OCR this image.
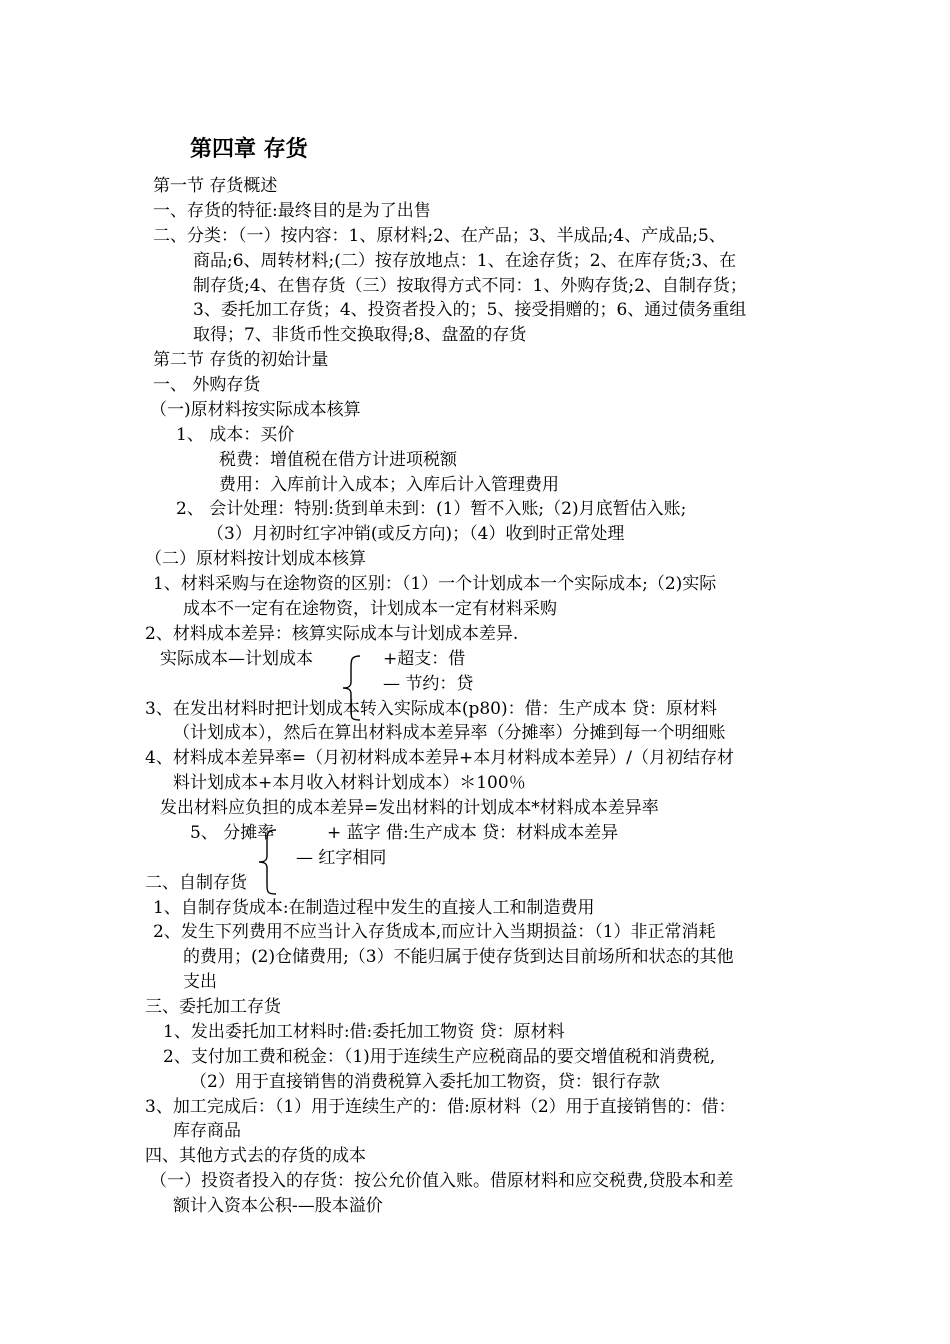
第四章 存货
第一节 存货概述
一、存货的特征:最终目的是为了出售
二、分类：（一）按内容：1、原材料;2、在产品；3、半成品;4、产成品;5、
商品;6、周转材料;(二）按存放地点：1、在途存货；2、在库存货;3、在
制存货;4、在售存货（三）按取得方式不同：1、外购存货;2、自制存货；
3、委托加工存货；4、投资者投入的；5、接受捐赠的；6、通过债务重组
取得；7、非货币性交换取得;8、盘盈的存货
第二节 存货的初始计量
一、 外购存货
（一)原材料按实际成本核算
1、 成本：买价
税费：增值税在借方计进项税额
费用：入库前计入成本；入库后计入管理费用
2、 会计处理：特别:货到单未到：(1）暂不入账;（2)月底暂估入账;
（3）月初时红字冲销(或反方向)；（4）收到时正常处理
（二）原材料按计划成本核算
1、材料采购与在途物资的区别：（1）一个计划成本一个实际成本;（2)实际
成本不一定有在途物资，计划成本一定有材料采购
2、材料成本差异：核算实际成本与计划成本差异.
实际成本—计划成本	+超支：借
— 节约：贷
3、在发出材料时把计划成本转入实际成本(p80)：借：生产成本 贷：原材料
（计划成本），然后在算出材料成本差异率（分摊率）分摊到每一个明细账
4、材料成本差异率=（月初材料成本差异+本月材料成本差异）/（月初结存材
料计划成本+本月收入材料计划成本）＊100％
发出材料应负担的成本差异=发出材料的计划成本*材料成本差异率
5、 分摊率	+ 蓝字 借:生产成本 贷：材料成本差异
— 红字相同
二、自制存货
1、自制存货成本:在制造过程中发生的直接人工和制造费用
2、发生下列费用不应当计入存货成本,而应计入当期损益：（1）非正常消耗
的费用；(2)仓储费用;（3）不能归属于使存货到达目前场所和状态的其他
支出
三、委托加工存货
1、发出委托加工材料时:借:委托加工物资 贷：原材料
2、支付加工费和税金：（1)用于连续生产应税商品的要交增值税和消费税,
（2）用于直接销售的消费税算入委托加工物资，贷：银行存款
3、加工完成后：（1）用于连续生产的：借:原材料（2）用于直接销售的：借：
库存商品
四、其他方式去的存货的成本
（一）投资者投入的存货：按公允价值入账。借原材料和应交税费,贷股本和差
额计入资本公积-—股本溢价
